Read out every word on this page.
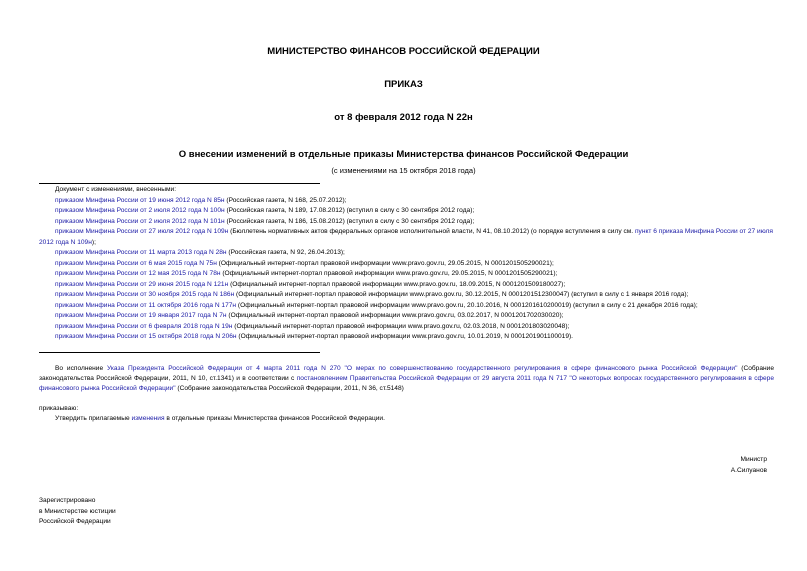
МИНИСТЕРСТВО ФИНАНСОВ РОССИЙСКОЙ ФЕДЕРАЦИИ
ПРИКАЗ
от 8 февраля 2012 года N 22н
О внесении изменений в отдельные приказы Министерства финансов Российской Федерации
(с изменениями на 15 октября 2018 года)
Документ с изменениями, внесенными:
приказом Минфина России от 19 июня 2012 года N 85н (Российская газета, N 168, 25.07.2012);
приказом Минфина России от 2 июля 2012 года N 100н (Российская газета, N 189, 17.08.2012) (вступил в силу с 30 сентября 2012 года);
приказом Минфина России от 2 июля 2012 года N 101н (Российская газета, N 186, 15.08.2012) (вступил в силу с 30 сентября 2012 года);
приказом Минфина России от 27 июля 2012 года N 109н (Бюллетень нормативных актов федеральных органов исполнительной власти, N 41, 08.10.2012) (о порядке вступления в силу см. пункт 6 приказа Минфина России от 27 июля 2012 года N 109н);
приказом Минфина России от 11 марта 2013 года N 28н (Российская газета, N 92, 26.04.2013);
приказом Минфина России от 6 мая 2015 года N 75н (Официальный интернет-портал правовой информации www.pravo.gov.ru, 29.05.2015, N 0001201505290021);
приказом Минфина России от 12 мая 2015 года N 78н (Официальный интернет-портал правовой информации www.pravo.gov.ru, 29.05.2015, N 0001201505290021);
приказом Минфина России от 29 июня 2015 года N 121н (Официальный интернет-портал правовой информации www.pravo.gov.ru, 18.09.2015, N 0001201509180027);
приказом Минфина России от 30 ноября 2015 года N 186н (Официальный интернет-портал правовой информации www.pravo.gov.ru, 30.12.2015, N 0001201512300047) (вступил в силу с 1 января 2016 года);
приказом Минфина России от 11 октября 2016 года N 177н (Официальный интернет-портал правовой информации www.pravo.gov.ru, 20.10.2016, N 0001201610200019) (вступил в силу с 21 декабря 2016 года);
приказом Минфина России от 19 января 2017 года N 7н (Официальный интернет-портал правовой информации www.pravo.gov.ru, 03.02.2017, N 0001201702030020);
приказом Минфина России от 6 февраля 2018 года N 19н (Официальный интернет-портал правовой информации www.pravo.gov.ru, 02.03.2018, N 0001201803020048);
приказом Минфина России от 15 октября 2018 года N 206н (Официальный интернет-портал правовой информации www.pravo.gov.ru, 10.01.2019, N 0001201901100019).
Во исполнение Указа Президента Российской Федерации от 4 марта 2011 года N 270 "О мерах по совершенствованию государственного регулирования в сфере финансового рынка Российской Федерации" (Собрание законодательства Российской Федерации, 2011, N 10, ст.1341) и в соответствии с постановлением Правительства Российской Федерации от 29 августа 2011 года N 717 "О некоторых вопросах государственного регулирования в сфере финансового рынка Российской Федерации" (Собрание законодательства Российской Федерации, 2011, N 36, ст.5148)
приказываю:
Утвердить прилагаемые изменения в отдельные приказы Министерства финансов Российской Федерации.
Министр
А.Силуанов
Зарегистрировано
в Министерстве юстиции
Российской Федерации
